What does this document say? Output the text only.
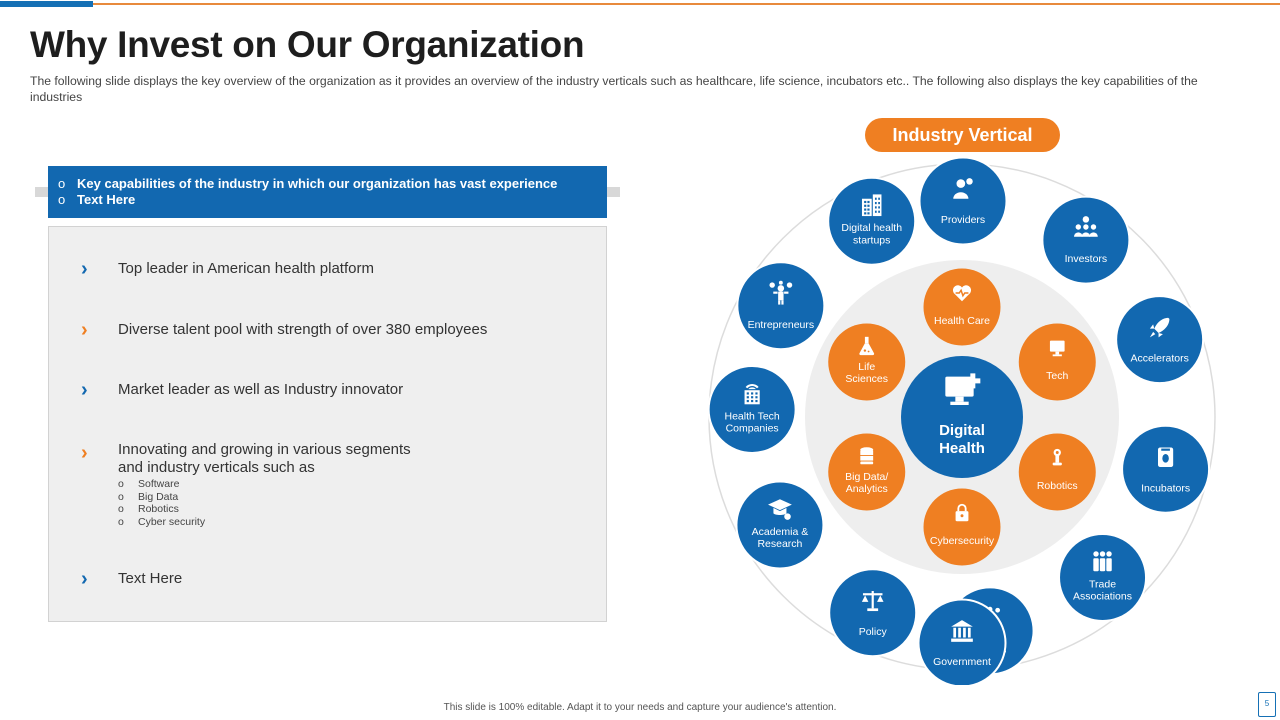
Why Invest on Our Organization

The following slide displays the key overview of the organization as it provides an overview of the industry verticals such as healthcare, life science, incubators etc.. The following also displays the key capabilities of the industries

o Key capabilities of the industry in which our organization has vast experience
o Text Here
› Top leader in American health platform
› Diverse talent pool with strength of over 380 employees
› Market leader as well as Industry innovator
› Innovating and growing in various segments
and industry verticals such as
o Software
o Big Data
o Robotics
o Cyber security
› Text Here
Industry Vertical
Providers
Investors
Accelerators
Incubators
Trade Associations
Government
Policy
Academia & Research
Health Tech Companies
Entrepreneurs
Digital health startups
Health Care
Tech
Robotics
Cybersecurity
Big Data/ Analytics
Life Sciences
Digital Health
This slide is 100% editable. Adapt it to your needs and capture your audience's attention.	5
